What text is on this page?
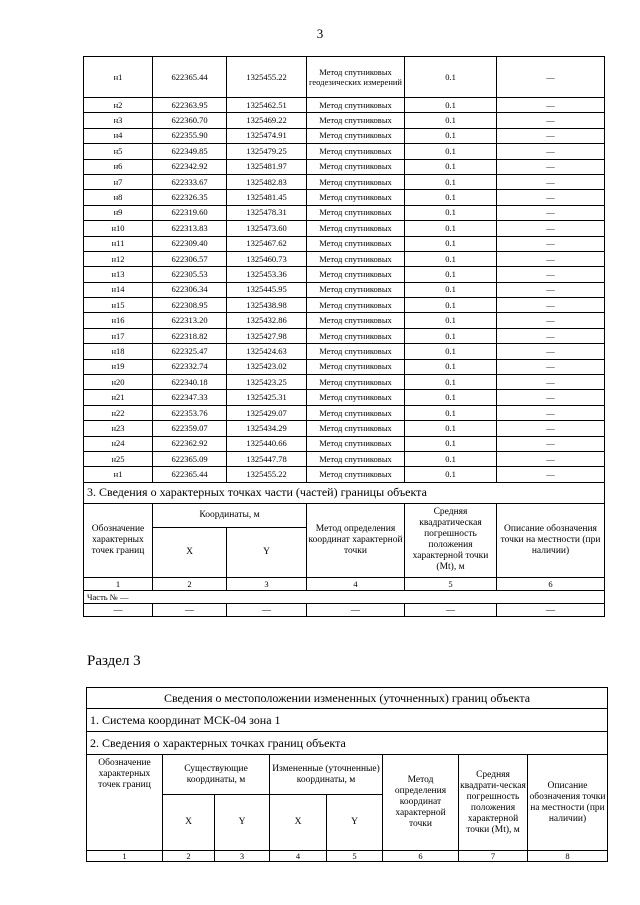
3
н1	622365.44	1325455.22	Метод спутниковых геодезических измерений	0.1	—
н2	622363.95	1325462.51	Метод спутниковых	0.1	—
н3	622360.70	1325469.22	Метод спутниковых	0.1	—
н4	622355.90	1325474.91	Метод спутниковых	0.1	—
н5	622349.85	1325479.25	Метод спутниковых	0.1	—
н6	622342.92	1325481.97	Метод спутниковых	0.1	—
н7	622333.67	1325482.83	Метод спутниковых	0.1	—
н8	622326.35	1325481.45	Метод спутниковых	0.1	—
н9	622319.60	1325478.31	Метод спутниковых	0.1	—
н10	622313.83	1325473.60	Метод спутниковых	0.1	—
н11	622309.40	1325467.62	Метод спутниковых	0.1	—
н12	622306.57	1325460.73	Метод спутниковых	0.1	—
н13	622305.53	1325453.36	Метод спутниковых	0.1	—
н14	622306.34	1325445.95	Метод спутниковых	0.1	—
н15	622308.95	1325438.98	Метод спутниковых	0.1	—
н16	622313.20	1325432.86	Метод спутниковых	0.1	—
н17	622318.82	1325427.98	Метод спутниковых	0.1	—
н18	622325.47	1325424.63	Метод спутниковых	0.1	—
н19	622332.74	1325423.02	Метод спутниковых	0.1	—
н20	622340.18	1325423.25	Метод спутниковых	0.1	—
н21	622347.33	1325425.31	Метод спутниковых	0.1	—
н22	622353.76	1325429.07	Метод спутниковых	0.1	—
н23	622359.07	1325434.29	Метод спутниковых	0.1	—
н24	622362.92	1325440.66	Метод спутниковых	0.1	—
н25	622365.09	1325447.78	Метод спутниковых	0.1	—
н1	622365.44	1325455.22	Метод спутниковых	0.1	—
3. Сведения о характерных точках части (частей) границы объекта					
Обозначение характерных точек границ	Координаты, м		Метод определения координат характерной точки	Средняя квадратическая погрешность положения характерной точки (Мt), м	Описание обозначения точки на местности (при наличии)
	X	Y			
1	2	3	4	5	6
Часть № —					
—	—	—	—	—	—
Раздел 3
Сведения о местоположении измененных (уточненных) границ объекта							
1. Система координат МСК-04 зона 1							
2. Сведения о характерных точках границ объекта							
Обозначение характерных точек границ	Существующие координаты, м		Измененные (уточненные) координаты, м		Метод определения координат характерной точки	Средняя квадрати-ческая погрешность положения характерной точки (Мt), м	Описание обозначения точки на местности (при наличии)
	X	Y	X	Y			
1	2	3	4	5	6	7	8
